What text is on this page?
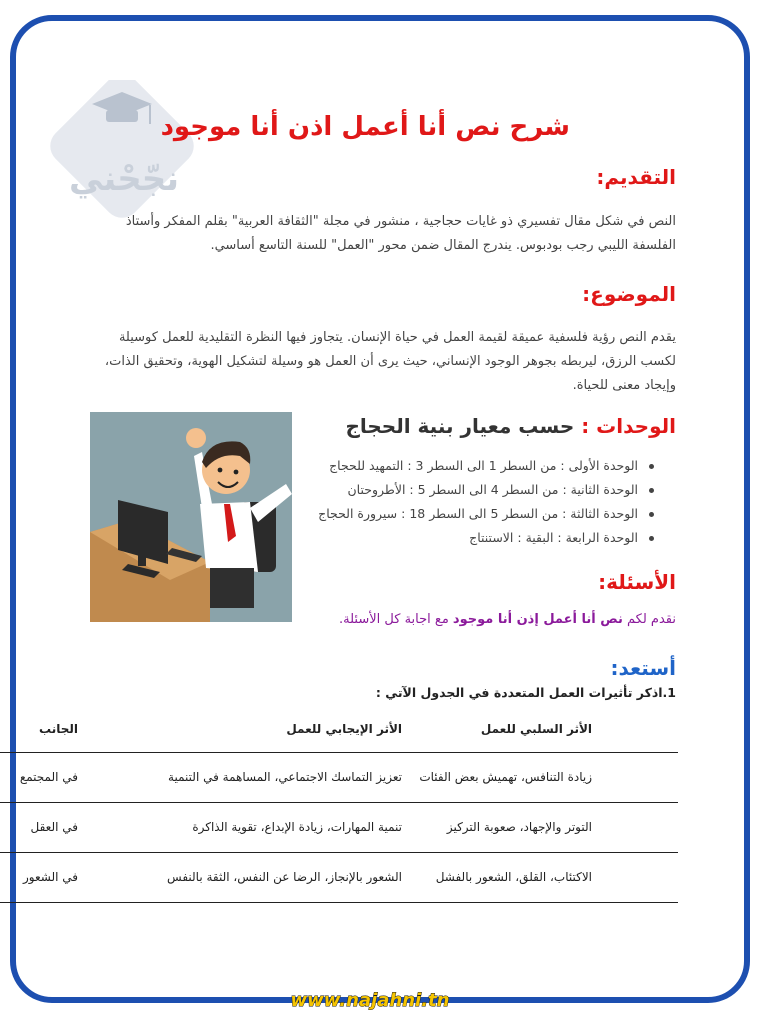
نجّحْني
شرح نص أنا أعمل اذن أنا موجود
التقديم:

النص في شكل مقال تفسيري ذو غايات حجاجية ، منشور في مجلة "الثقافة العربية" بقلم المفكر وأستاذ الفلسفة الليبي رجب بودبوس. يندرج المقال ضمن محور "العمل" للسنة التاسع أساسي.

الموضوع:

يقدم النص رؤية فلسفية عميقة لقيمة العمل في حياة الإنسان. يتجاوز فيها النظرة التقليدية للعمل كوسيلة لكسب الرزق، ليربطه بجوهر الوجود الإنساني، حيث يرى أن العمل هو وسيلة لتشكيل الهوية، وتحقيق الذات، وإيجاد معنى للحياة.

الوحدات : حسب معيار بنية الحجاج
الوحدة الأولى : من السطر 1 الى السطر 3 : التمهيد للحجاج
الوحدة الثانية : من السطر 4 الى السطر 5 : الأطروحتان
الوحدة الثالثة : من السطر 5 الى السطر 18 : سيرورة الحجاج
الوحدة الرابعة : البقية : الاستنتاج
الأسئلة:

نقدم لكم نص أنا أعمل إذن أنا موجود مع اجابة كل الأسئلة.

أستعد:

1.اذكر تأثيرات العمل المتعددة في الجدول الآتي :

الأثر السلبي للعمل
الأثر الإيجابي للعمل
الجانب
زيادة التنافس، تهميش بعض الفئات
تعزيز التماسك الاجتماعي، المساهمة في التنمية
في المجتمع
التوتر والإجهاد، صعوبة التركيز
تنمية المهارات، زيادة الإبداع، تقوية الذاكرة
في العقل
الاكتئاب، القلق، الشعور بالفشل
الشعور بالإنجاز، الرضا عن النفس، الثقة بالنفس
في الشعور
www.najahni.tn
